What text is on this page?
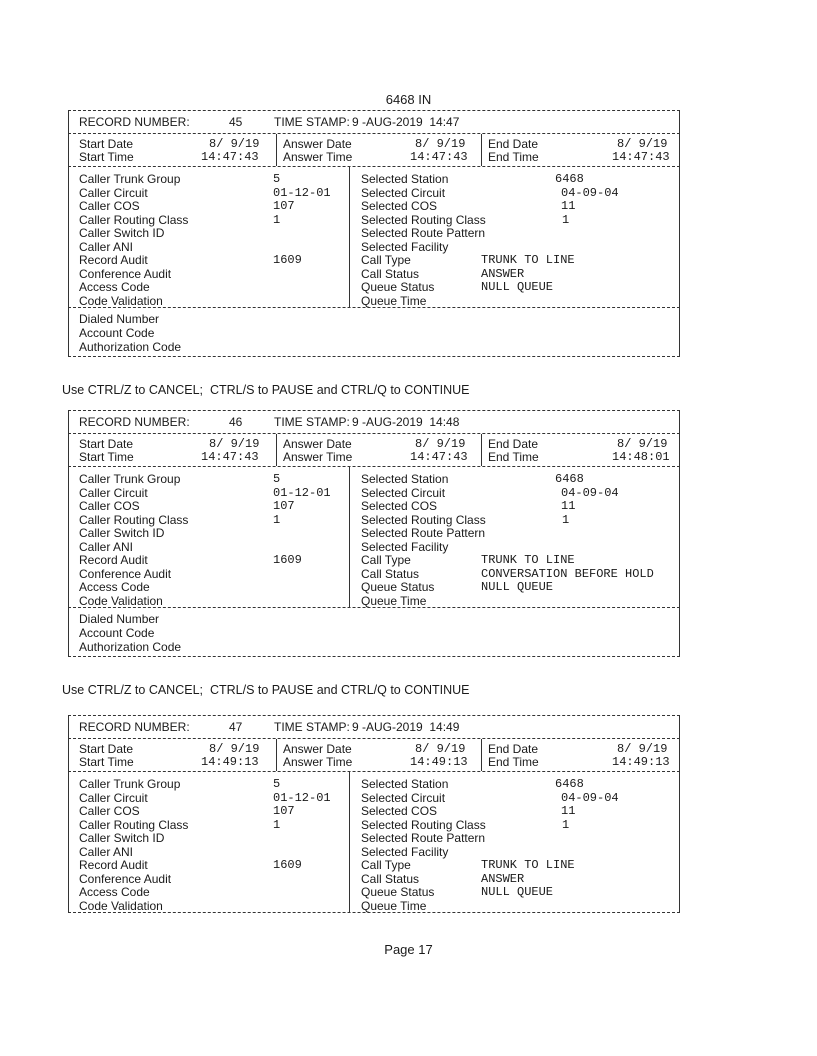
6468 IN
RECORD NUMBER:	45	TIME STAMP: 9 -AUG-2019  14:47
Start Date	8/ 9/19
Start Time	14:47:43
Answer Date	8/ 9/19
Answer Time	14:47:43
End Date	8/ 9/19
End Time	14:47:43
Caller Trunk Group	5
Caller Circuit	01-12-01
Caller COS	107
Caller Routing Class	1
Caller Switch ID
Caller ANI
Record Audit	1609
Conference Audit
Access Code
Code Validation
Selected Station	6468
Selected Circuit	04-09-04
Selected COS	11
Selected Routing Class	1
Selected Route Pattern
Selected Facility
Call Type	TRUNK TO LINE
Call Status	ANSWER
Queue Status	NULL QUEUE
Queue Time
Dialed Number
Account Code
Authorization Code
RECORD NUMBER:	46	TIME STAMP: 9 -AUG-2019  14:48
Start Date	8/ 9/19
Start Time	14:47:43
Answer Date	8/ 9/19
Answer Time	14:47:43
End Date	8/ 9/19
End Time	14:48:01
Caller Trunk Group	5
Caller Circuit	01-12-01
Caller COS	107
Caller Routing Class	1
Caller Switch ID
Caller ANI
Record Audit	1609
Conference Audit
Access Code
Code Validation
Selected Station	6468
Selected Circuit	04-09-04
Selected COS	11
Selected Routing Class	1
Selected Route Pattern
Selected Facility
Call Type	TRUNK TO LINE
Call Status	CONVERSATION BEFORE HOLD
Queue Status	NULL QUEUE
Queue Time
Dialed Number
Account Code
Authorization Code
RECORD NUMBER:	47	TIME STAMP: 9 -AUG-2019  14:49
Start Date	8/ 9/19
Start Time	14:49:13
Answer Date	8/ 9/19
Answer Time	14:49:13
End Date	8/ 9/19
End Time	14:49:13
Caller Trunk Group	5
Caller Circuit	01-12-01
Caller COS	107
Caller Routing Class	1
Caller Switch ID
Caller ANI
Record Audit	1609
Conference Audit
Access Code
Code Validation
Selected Station	6468
Selected Circuit	04-09-04
Selected COS	11
Selected Routing Class	1
Selected Route Pattern
Selected Facility
Call Type	TRUNK TO LINE
Call Status	ANSWER
Queue Status	NULL QUEUE
Queue Time
Use CTRL/Z to CANCEL;  CTRL/S to PAUSE and CTRL/Q to CONTINUE
Use CTRL/Z to CANCEL;  CTRL/S to PAUSE and CTRL/Q to CONTINUE
Page 17
